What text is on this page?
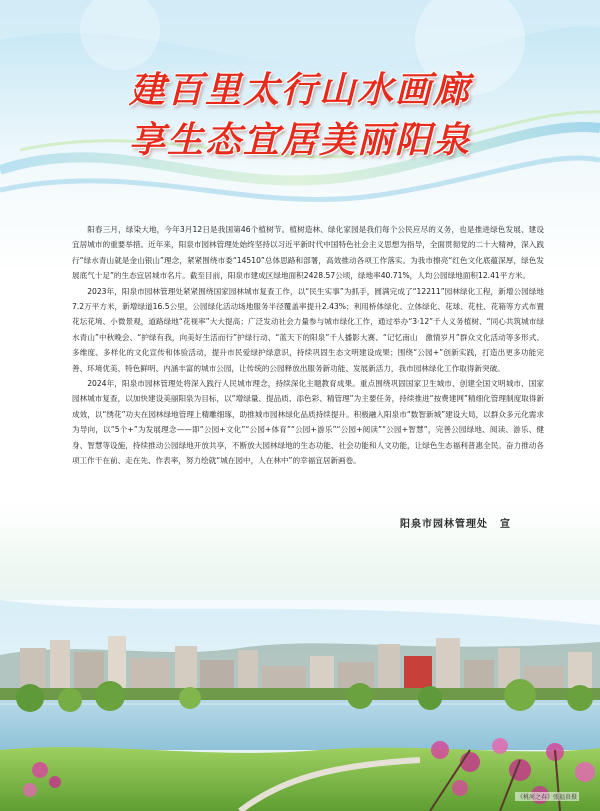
建百里太行山水画廊
享生态宜居美丽阳泉

阳春三月，绿染大地，今年3月12日是我国第46个植树节。植树造林、绿化家园是我们每个公民应尽的义务，也是推进绿色发展、建设宜居城市的重要举措。近年来，阳泉市园林管理处始终坚持以习近平新时代中国特色社会主义思想为指导，全面贯彻党的二十大精神，深入践行“绿水青山就是金山银山”理念，紧紧围绕市委“14510”总体思路和部署，高效推动各项工作落实。为我市擦亮“红色文化底蕴深厚，绿色发展底气十足”的生态宜居城市名片。截至目前，阳泉市建成区绿地面积2428.57公顷，绿地率40.71%，人均公园绿地面积12.41平方米。

2023年，阳泉市园林管理处紧紧围绕国家园林城市复查工作，以“民生实事”为抓手，圆满完成了“12211”园林绿化工程，新增公园绿地7.2万平方米，新增绿道16.5公里，公园绿化活动场地服务半径覆盖率提升2.43%；利用桥体绿化、立体绿化、花球、花柱、花箱等方式布置花坛花境、小微景观，道路绿地“花视率”大大提高；广泛发动社会力量参与城市绿化工作，通过举办“3·12”千人义务植树、“同心共筑城市绿水青山”中秋晚会、“护绿有我，向美好生活而行”护绿行动、“蓝天下的阳泉”千人播影大赛、“记忆南山　激情岁月”群众文化活动等多形式、多维度、多样化的文化宣传和体验活动，提升市民爱绿护绿意识，持续巩固生态文明建设成果；围绕“公园+”创新实践，打造出更多功能完善、环境优美、特色鲜明、内涵丰富的城市公园，让传统的公园释放出服务新功能、发展新活力，我市园林绿化工作取得新突破。

2024年，阳泉市园林管理处将深入践行人民城市理念，持续深化主题教育成果。重点围绕巩固国家卫生城市、创建全国文明城市、国家园林城市复查，以加快建设美丽阳泉为目标，以“增绿量、提品质、添色彩、精管理”为主要任务，持续推进“按费建网”精细化管理制度取得新成效，以“绣花”功夫在园林绿地管理上精雕细琢，助推城市园林绿化品质持续提升。积极融入阳泉市“数智新城”建设大局，以群众多元化需求为导向，以“5个+”为发展理念——即“公园+文化”“公园+体育”“公园+游乐”“公园+阅读”“公园+智慧”，完善公园绿地、阅读、游乐、健身、智慧等设施，持续推动公园绿地开放共享，不断放大园林绿地的生态功能、社会功能和人文功能，让绿色生态福利普惠全民。奋力推动各项工作干在前、走在先、作表率，努力绘就“城在园中，人在林中”的幸福宜居新画卷。

阳泉市园林管理处 宣
《桃河之春》张福贵摄
